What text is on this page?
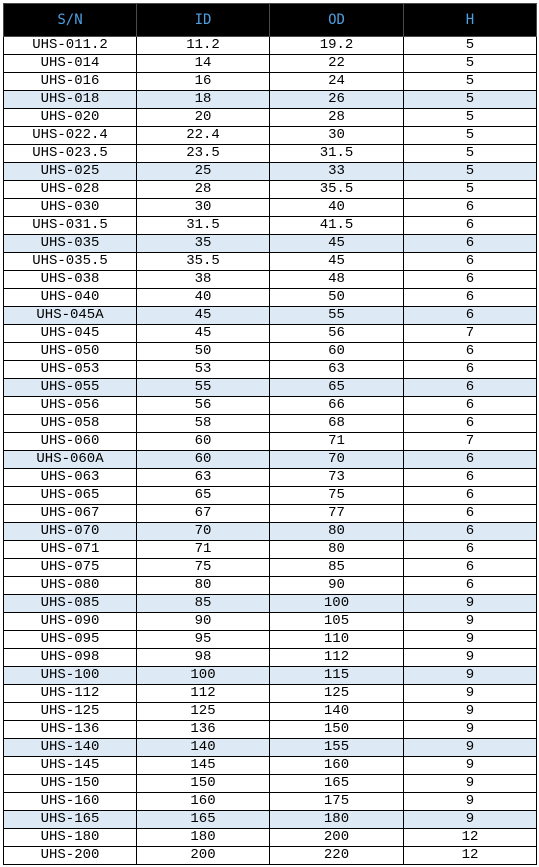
S/N	ID	OD	H
UHS-011.2	11.2	19.2	5
UHS-014	14	22	5
UHS-016	16	24	5
UHS-018	18	26	5
UHS-020	20	28	5
UHS-022.4	22.4	30	5
UHS-023.5	23.5	31.5	5
UHS-025	25	33	5
UHS-028	28	35.5	5
UHS-030	30	40	6
UHS-031.5	31.5	41.5	6
UHS-035	35	45	6
UHS-035.5	35.5	45	6
UHS-038	38	48	6
UHS-040	40	50	6
UHS-045A	45	55	6
UHS-045	45	56	7
UHS-050	50	60	6
UHS-053	53	63	6
UHS-055	55	65	6
UHS-056	56	66	6
UHS-058	58	68	6
UHS-060	60	71	7
UHS-060A	60	70	6
UHS-063	63	73	6
UHS-065	65	75	6
UHS-067	67	77	6
UHS-070	70	80	6
UHS-071	71	80	6
UHS-075	75	85	6
UHS-080	80	90	6
UHS-085	85	100	9
UHS-090	90	105	9
UHS-095	95	110	9
UHS-098	98	112	9
UHS-100	100	115	9
UHS-112	112	125	9
UHS-125	125	140	9
UHS-136	136	150	9
UHS-140	140	155	9
UHS-145	145	160	9
UHS-150	150	165	9
UHS-160	160	175	9
UHS-165	165	180	9
UHS-180	180	200	12
UHS-200	200	220	12
